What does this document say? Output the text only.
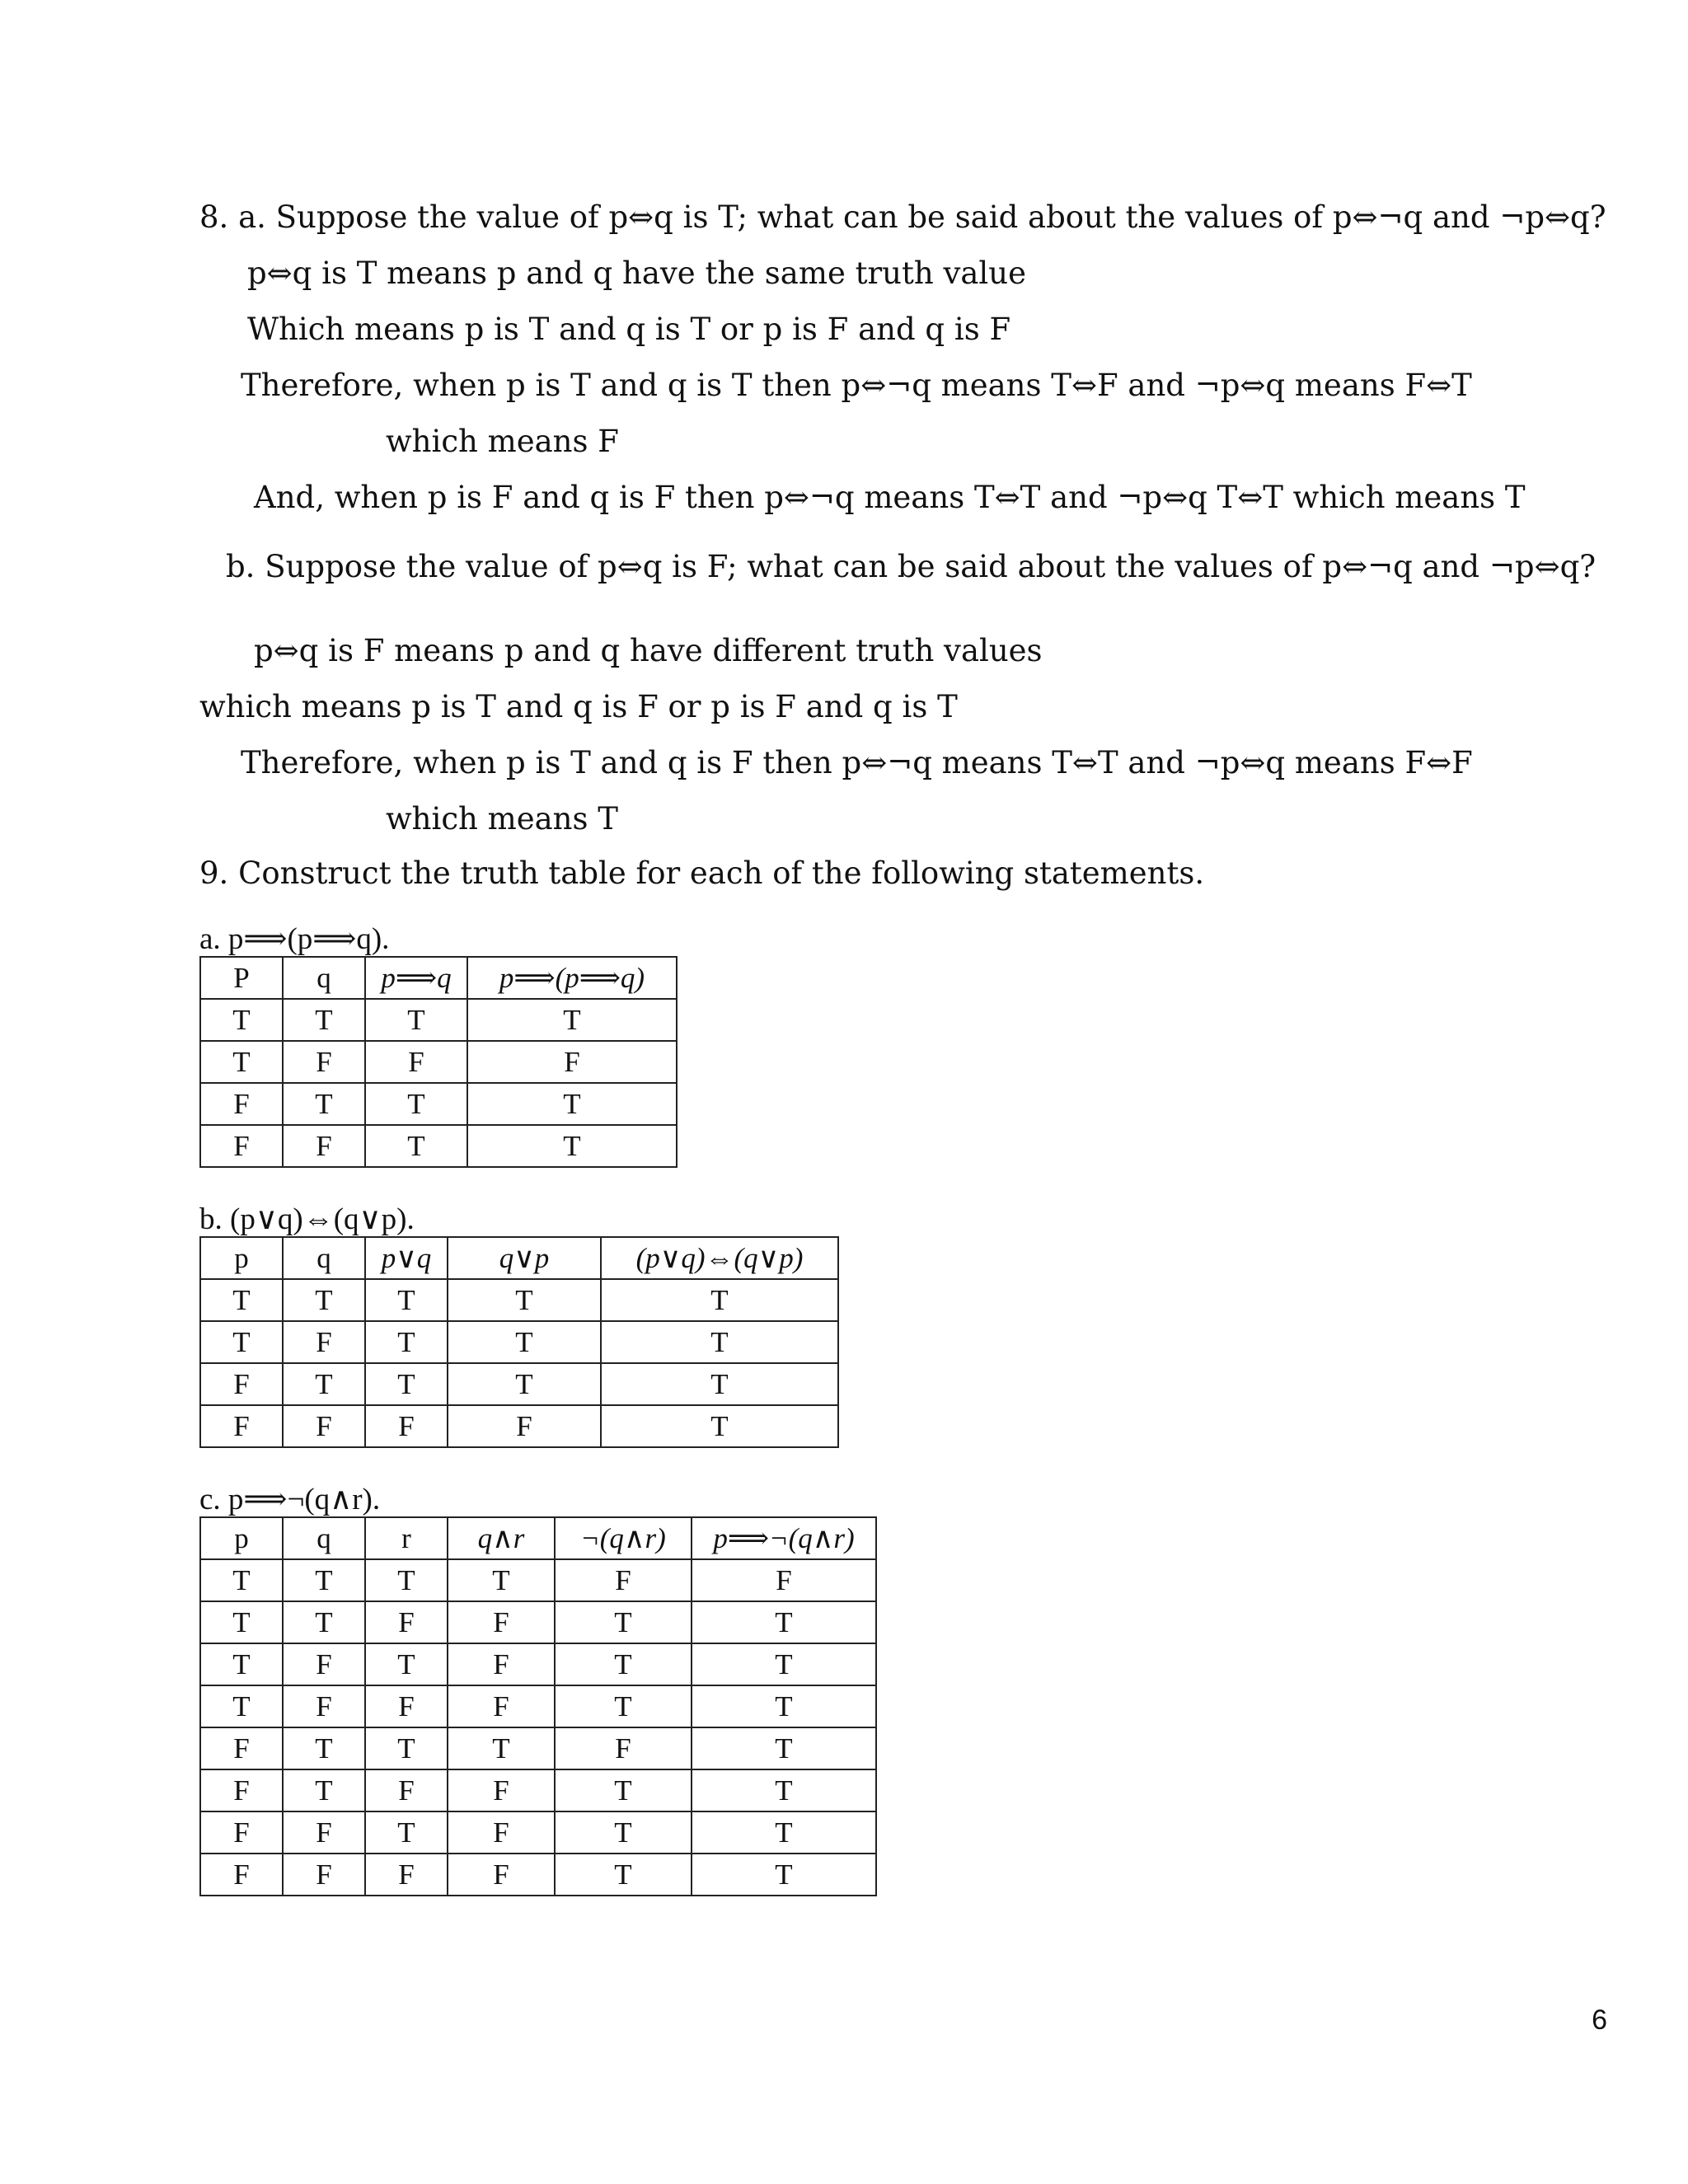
8. a. Suppose the value of p⇔q is T; what can be said about the values of p⇔¬q and ¬p⇔q?
p⇔q is T means p and q have the same truth value
Which means p is T and q is T or p is F and q is F
Therefore, when p is T and q is T then p⇔¬q means T⇔F and ¬p⇔q means F⇔T
which means F
And, when p is F and q is F then p⇔¬q means T⇔T and ¬p⇔q T⇔T which means T
b. Suppose the value of p⇔q is F; what can be said about the values of p⇔¬q and ¬p⇔q?
p⇔q is F means p and q have different truth values
which means p is T and q is F or p is F and q is T
Therefore, when p is T and q is F then p⇔¬q means T⇔T and ¬p⇔q means F⇔F
which means T
9. Construct the truth table for each of the following statements.
a. p⟹(p⟹q).
P	q	p⟹q	p⟹(p⟹q)
T	T	T	T
T	F	F	F
F	T	T	T
F	F	T	T
b. (p∨q)⇔(q∨p).
p	q	p∨q	q∨p	(p∨q)⇔(q∨p)
T	T	T	T	T
T	F	T	T	T
F	T	T	T	T
F	F	F	F	T
c. p⟹¬(q∧r).
p	q	r	q∧r	¬(q∧r)	p⟹¬(q∧r)
T	T	T	T	F	F
T	T	F	F	T	T
T	F	T	F	T	T
T	F	F	F	T	T
F	T	T	T	F	T
F	T	F	F	T	T
F	F	T	F	T	T
F	F	F	F	T	T
6
